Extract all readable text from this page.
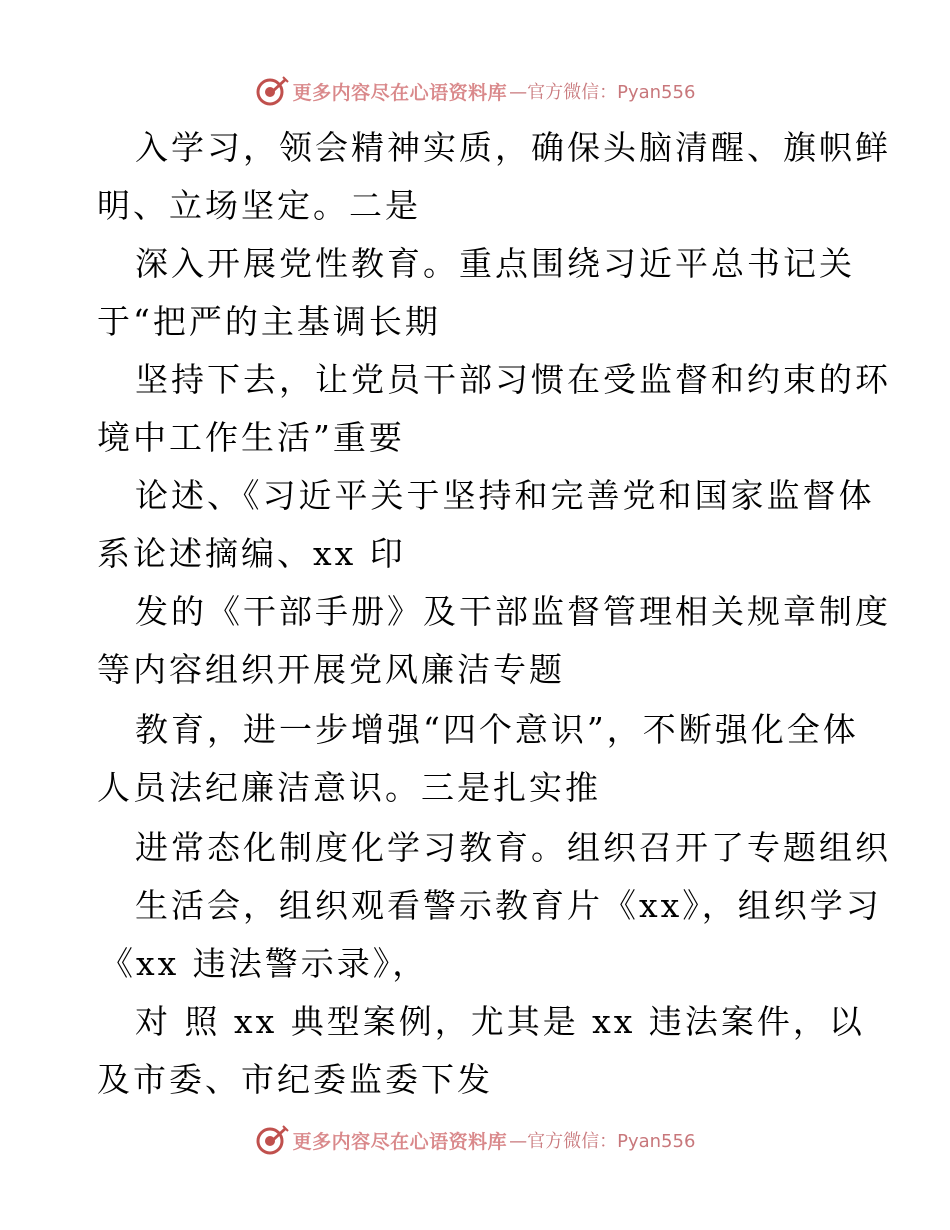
更多内容尽在心语资料库 —官方微信：Pyan556
入学习，领会精神实质，确保头脑清醒、旗帜鲜
明、立场坚定。二是
深入开展党性教育。重点围绕习近平总书记关
于“把严的主基调长期
坚持下去，让党员干部习惯在受监督和约束的环
境中工作生活”重要
论述、《习近平关于坚持和完善党和国家监督体
系论述摘编、xx 印
发的《干部手册》及干部监督管理相关规章制度
等内容组织开展党风廉洁专题
教育，进一步增强“四个意识”，不断强化全体
人员法纪廉洁意识。三是扎实推
进常态化制度化学习教育。组织召开了专题组织
生活会，组织观看警示教育片《xx》，组织学习
《xx 违法警示录》，
对 照 xx 典型案例，尤其是 xx 违法案件，以
及市委、市纪委监委下发
更多内容尽在心语资料库 —官方微信：Pyan556
